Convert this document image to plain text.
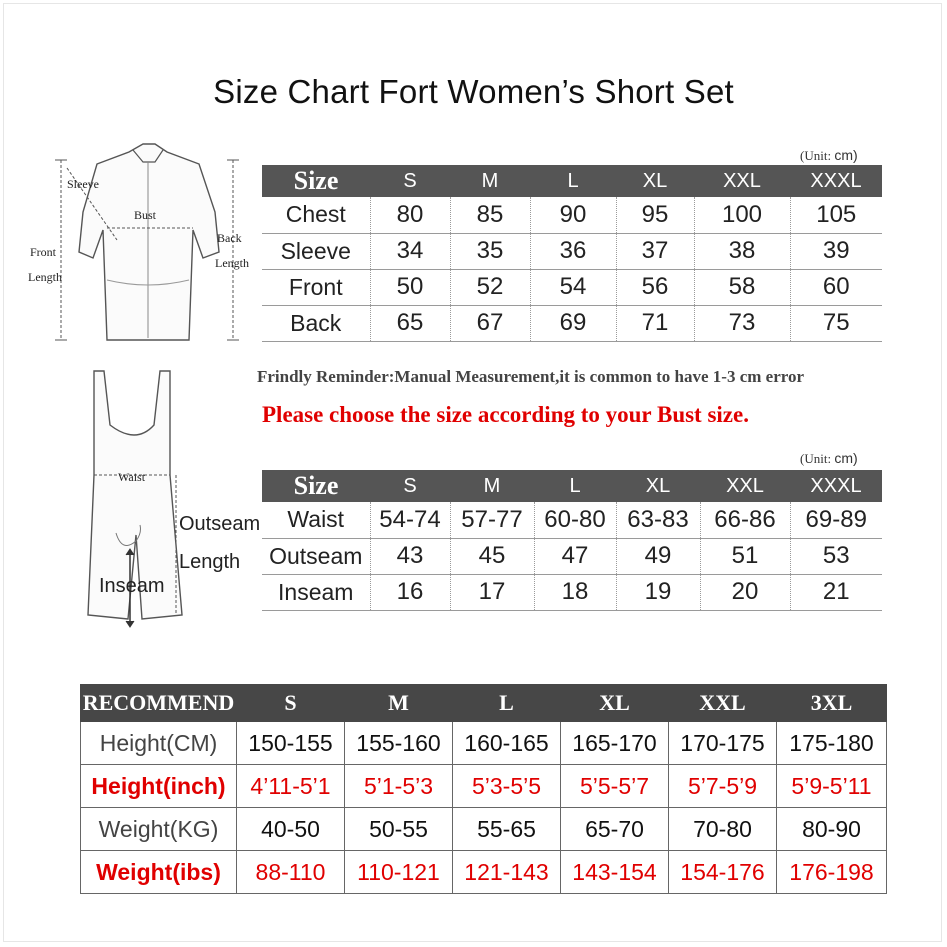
Size Chart Fort Women’s Short Set
Sleeve
Bust
Front
Length
Back
Length
(Unit: cm)
Size	S	M	L	XL	XXL	XXXL
Chest	80	85	90	95	100	105
Sleeve	34	35	36	37	38	39
Front	50	52	54	56	58	60
Back	65	67	69	71	73	75
Frindly Reminder:Manual Measurement,it is common to have 1-3 cm error
Please choose the size according to your Bust size.
Waist
Outseam
Length
Inseam
(Unit: cm)
Size	S	M	L	XL	XXL	XXXL
Waist	54-74	57-77	60-80	63-83	66-86	69-89
Outseam	43	45	47	49	51	53
Inseam	16	17	18	19	20	21
RECOMMEND	S	M	L	XL	XXL	3XL
Height(CM)	150-155	155-160	160-165	165-170	170-175	175-180
Height(inch)	4’11-5’1	5’1-5’3	5’3-5’5	5’5-5’7	5’7-5’9	5’9-5’11
Weight(KG)	40-50	50-55	55-65	65-70	70-80	80-90
Weight(ibs)	88-110	110-121	121-143	143-154	154-176	176-198
